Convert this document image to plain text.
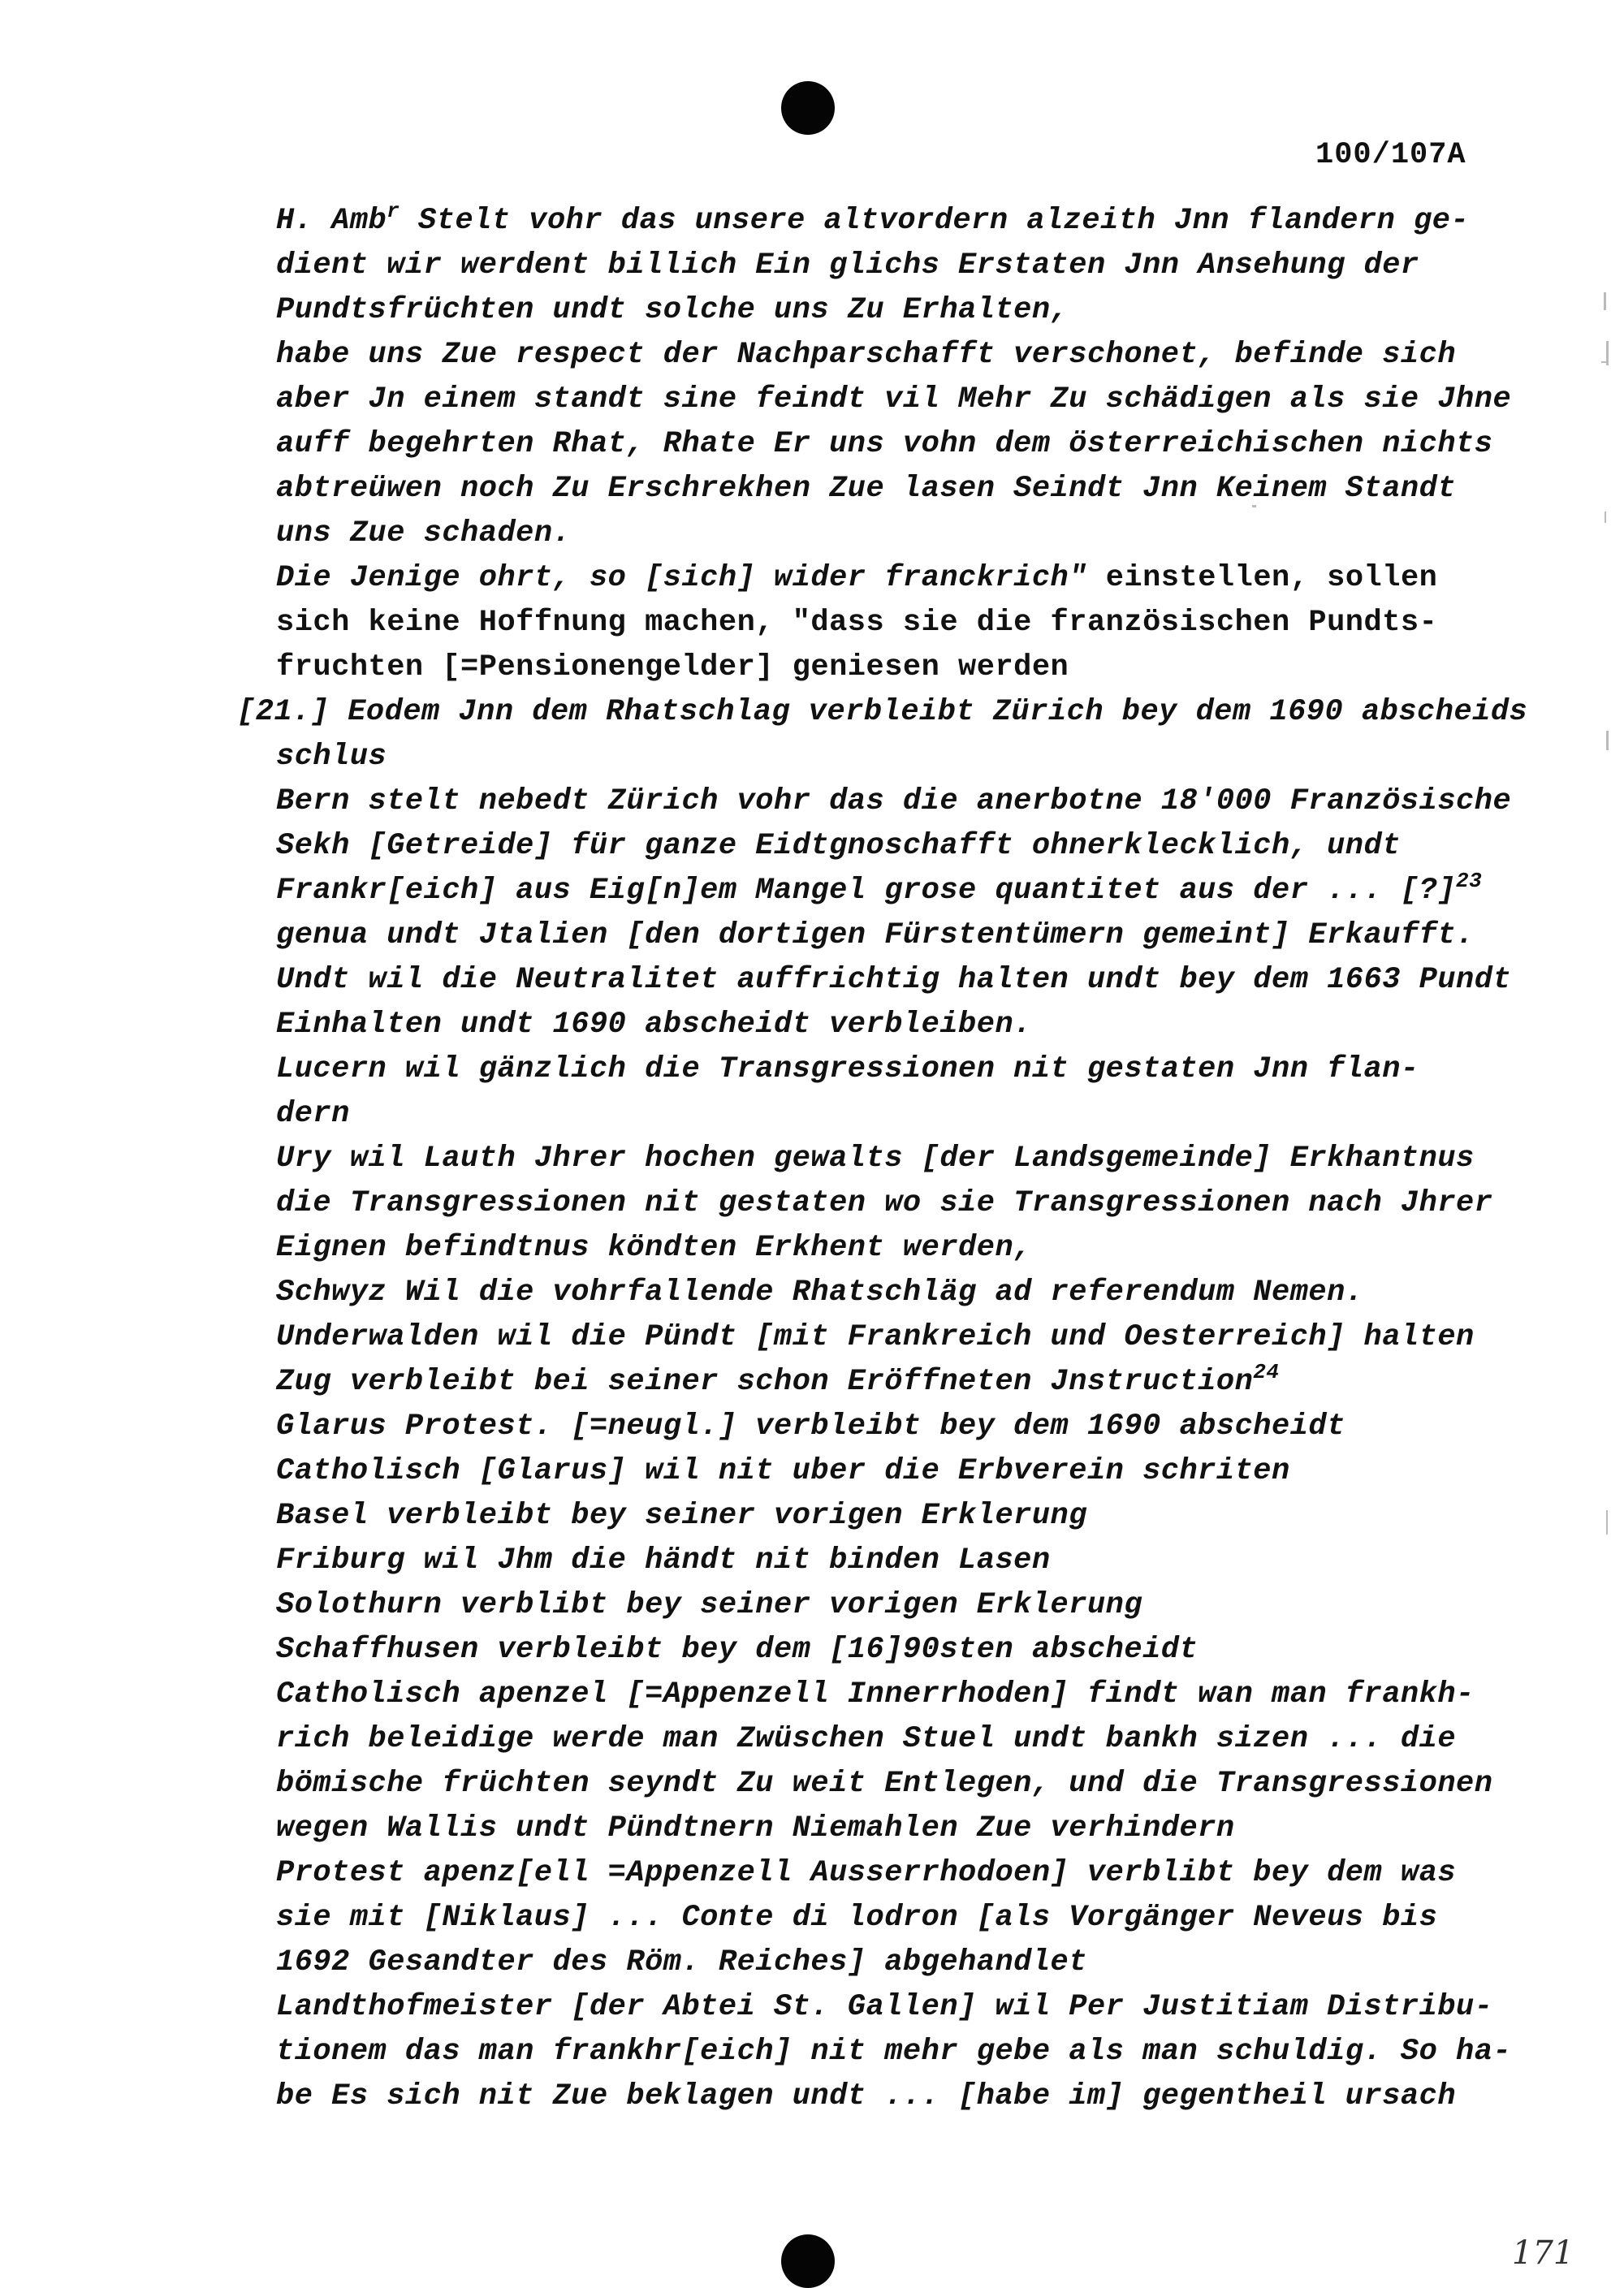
100/107A
H. Amb$^r$ Stelt vohr das unsere altvordern alzeith Jnn flandern ge-
dient wir werdent billich Ein glichs Erstaten Jnn Ansehung der
Pundtsfrüchten undt solche uns Zu Erhalten,
habe uns Zue respect der Nachparschafft verschonet, befinde sich
aber Jn einem standt sine feindt vil Mehr Zu schädigen als sie Jhne
auff begehrten Rhat, Rhate Er uns vohn dem österreichischen nichts
abtreüwen noch Zu Erschrekhen Zue lasen Seindt Jnn Keinem Standt
uns Zue schaden.
Die Jenige ohrt, so [sich] wider franckrich" einstellen, sollen
sich keine Hoffnung machen, "dass sie die französischen Pundts-
fruchten [=Pensionengelder] geniesen werden
[21.] Eodem Jnn dem Rhatschlag verbleibt Zürich bey dem 1690 abscheids
schlus
Bern stelt nebedt Zürich vohr das die anerbotne 18'000 Französische
Sekh [Getreide] für ganze Eidtgnoschafft ohnerklecklich, undt
Frankr[eich] aus Eig[n]em Mangel grose quantitet aus der ... [?]$^{23}$
genua undt Jtalien [den dortigen Fürstentümern gemeint] Erkaufft.
Undt wil die Neutralitet auffrichtig halten undt bey dem 1663 Pundt
Einhalten undt 1690 abscheidt verbleiben.
Lucern wil gänzlich die Transgressionen nit gestaten Jnn flan-
dern
Ury wil Lauth Jhrer hochen gewalts [der Landsgemeinde] Erkhantnus
die Transgressionen nit gestaten wo sie Transgressionen nach Jhrer
Eignen befindtnus köndten Erkhent werden,
Schwyz Wil die vohrfallende Rhatschläg ad referendum Nemen.
Underwalden wil die Pündt [mit Frankreich und Oesterreich] halten
Zug verbleibt bei seiner schon Eröffneten Jnstruction$^{24}$
Glarus Protest. [=neugl.] verbleibt bey dem 1690 abscheidt
Catholisch [Glarus] wil nit uber die Erbverein schriten
Basel verbleibt bey seiner vorigen Erklerung
Friburg wil Jhm die händt nit binden Lasen
Solothurn verblibt bey seiner vorigen Erklerung
Schaffhusen verbleibt bey dem [16]90sten abscheidt
Catholisch apenzel [=Appenzell Innerrhoden] findt wan man frankh-
rich beleidige werde man Zwüschen Stuel undt bankh sizen ... die
bömische früchten seyndt Zu weit Entlegen, und die Transgressionen
wegen Wallis undt Pündtnern Niemahlen Zue verhindern
Protest apenz[ell =Appenzell Ausserrhodoen] verblibt bey dem was
sie mit [Niklaus] ... Conte di lodron [als Vorgänger Neveus bis
1692 Gesandter des Röm. Reiches] abgehandlet
Landthofmeister [der Abtei St. Gallen] wil Per Justitiam Distribu-
tionem das man frankhr[eich] nit mehr gebe als man schuldig. So ha-
be Es sich nit Zue beklagen undt ... [habe im] gegentheil ursach
171
